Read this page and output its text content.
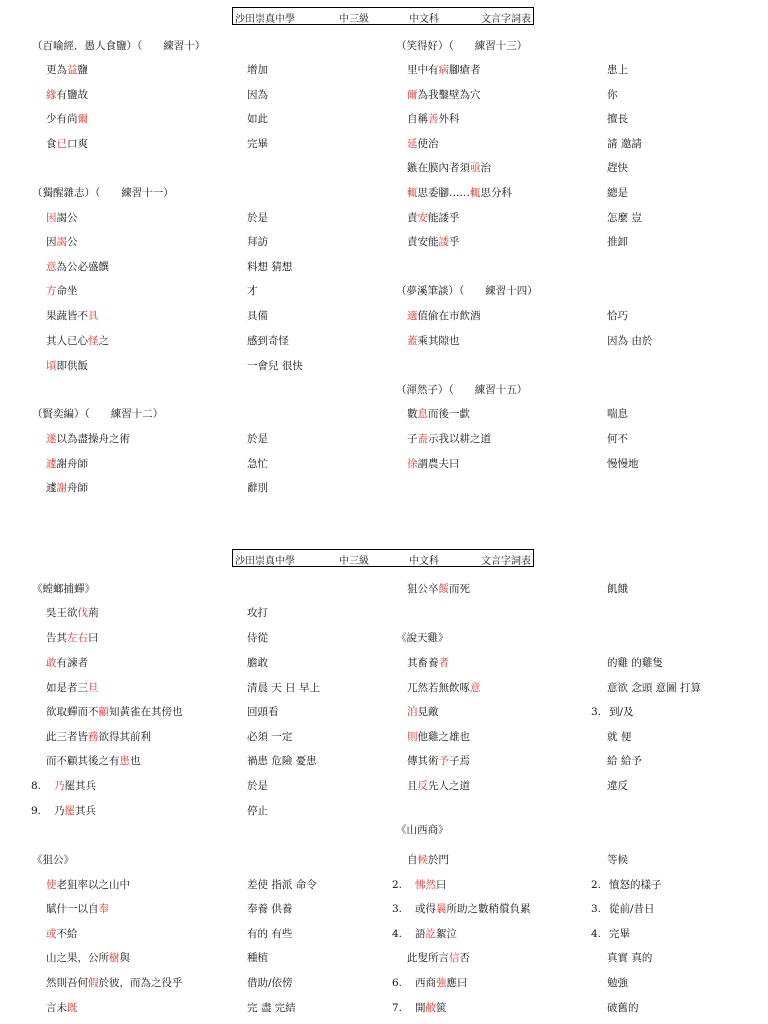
沙田崇真中學	中三級	中文科	文言字詞表
沙田崇真中學	中三級	中文科	文言字詞表
（百喻經．愚人食鹽）（　　練習十）
更為益鹽	增加
緣有鹽故	因為
少有尚爾	如此
食已口爽	完畢
（獨醒雜志）（　　練習十一）
因謁公	於是
因謁公	拜訪
意為公必盛饌	料想 猜想
方命坐	才
果蔬皆不具	具備
其人已心怪之	感到奇怪
頃即供飯	一會兒 很快
（賢奕編）（　　練習十二）
遂以為盡操舟之術	於是
遽謝舟師	急忙
遽謝舟師	辭別
（笑得好）（　　練習十三）
里中有病腳瘡者	患上
爾為我鑿壁為穴	你
自稱善外科	擅長
延使治	請 邀請
鏃在膜內者須亟治	趕快
輒思委腳……輒思分科	總是
責安能諉乎	怎麼 豈
責安能諉乎	推卸
（夢溪筆談）（　　練習十四）
適值偷在市飲酒	恰巧
蓋乘其隙也	因為 由於
（渾然子）（　　練習十五）
數息而後一歔	喘息
子盍示我以耕之道	何不
徐謂農夫曰	慢慢地
《螳螂捕蟬》
吳王欲伐荊	攻打
告其左右曰	侍從
敢有諫者	膽敢
如是者三旦	清晨 天 日 早上
欲取蟬而不顧知黃雀在其傍也	回頭看
此三者皆務欲得其前利	必須 一定
而不顧其後之有患也	禍患 危險 憂患
8. 乃罷其兵	於是
9. 乃罷其兵	停止
《狙公》
使老狙率以之山中	差使 指派 命令
賦什一以自奉	奉養 供養
或不給	有的 有些
山之果，公所樹與	種植
然則吾何假於彼，而為之役乎	借助/依傍
言未既	完 盡 完結
狙公卒餒而死	飢餓
《說天雞》
其畜養者	的雞 的雞隻
兀然若無飲啄意	意欲 念頭 意圖 打算
洎見敵	3. 到/及
則他雞之雄也	就 便
傳其術予子焉	給 給予
且反先人之道	違反
《山西商》
自候於門	等候
2. 怫然曰	2. 憤怒的樣子
3. 或得曩所助之數稍償負累	3. 從前/昔日
4. 語訖絮泣	4. 完畢
此叟所言信否	真實 真的
6. 西商強應曰	勉強
7. 開敝篋	破舊的
